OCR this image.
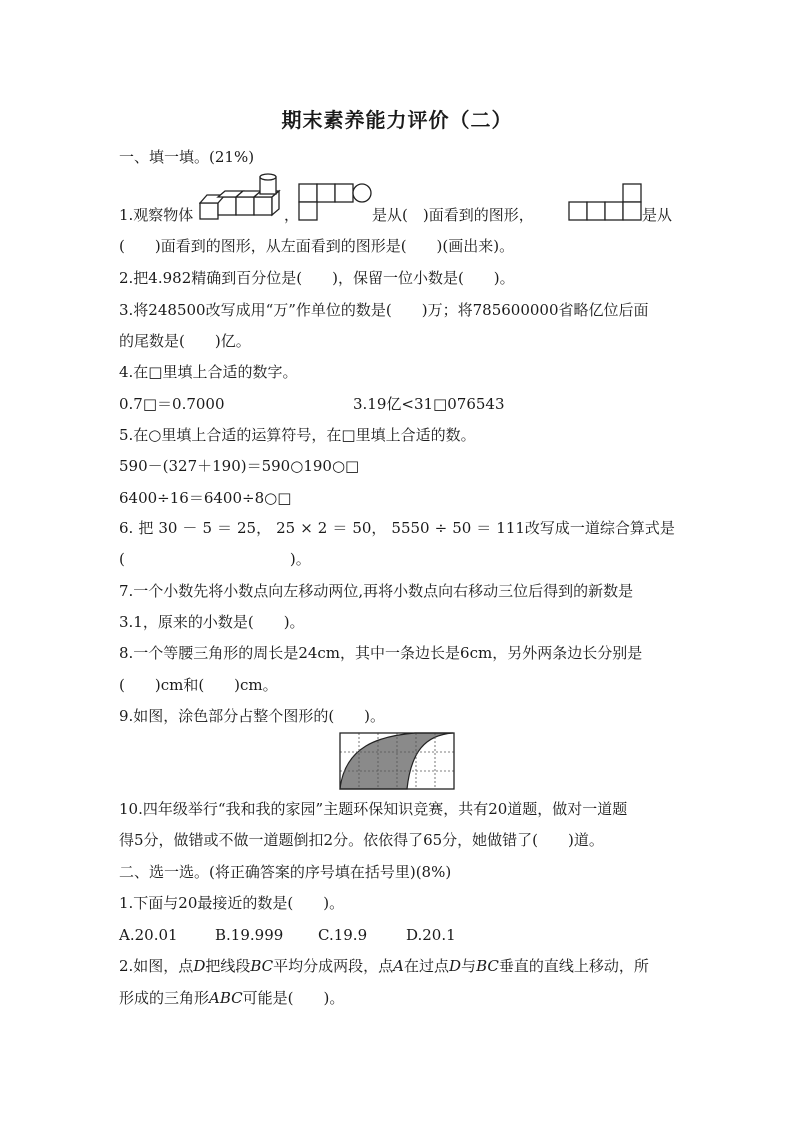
期末素养能力评价（二）
一、填一填。(21%)
1.观察物体	，	是从(　)面看到的图形，	是从
(　　)面看到的图形，从左面看到的图形是(　　)(画出来)。
2.把4.982精确到百分位是(　　)，保留一位小数是(　　)。
3.将248500改写成用“万”作单位的数是(　　)万；将785600000省略亿位后面
的尾数是(　　)亿。
4.在□里填上合适的数字。
0.7□＝0.7000	3.19亿<31□076543
5.在○里填上合适的运算符号，在□里填上合适的数。
590－(327＋190)＝590○190○□
6400÷16＝6400÷8○□
6. 把 30 － 5 ＝ 25， 25 × 2 ＝ 50， 5550 ÷ 50 ＝ 111改写成一道综合算式是
(　　　　　　　　　　　)。
7.一个小数先将小数点向左移动两位,再将小数点向右移动三位后得到的新数是
3.1，原来的小数是(　　)。
8.一个等腰三角形的周长是24cm，其中一条边长是6cm，另外两条边长分别是
(　　)cm和(　　)cm。
9.如图，涂色部分占整个图形的(　　)。
10.四年级举行“我和我的家园”主题环保知识竞赛，共有20道题，做对一道题
得5分，做错或不做一道题倒扣2分。依依得了65分，她做错了(　　)道。
二、选一选。(将正确答案的序号填在括号里)(8%)
1.下面与20最接近的数是(　　)。
A.20.01 B.19.999 C.19.9	D.20.1
2.如图，点D把线段BC平均分成两段，点A在过点D与BC垂直的直线上移动，所
形成的三角形ABC可能是(　　)。
